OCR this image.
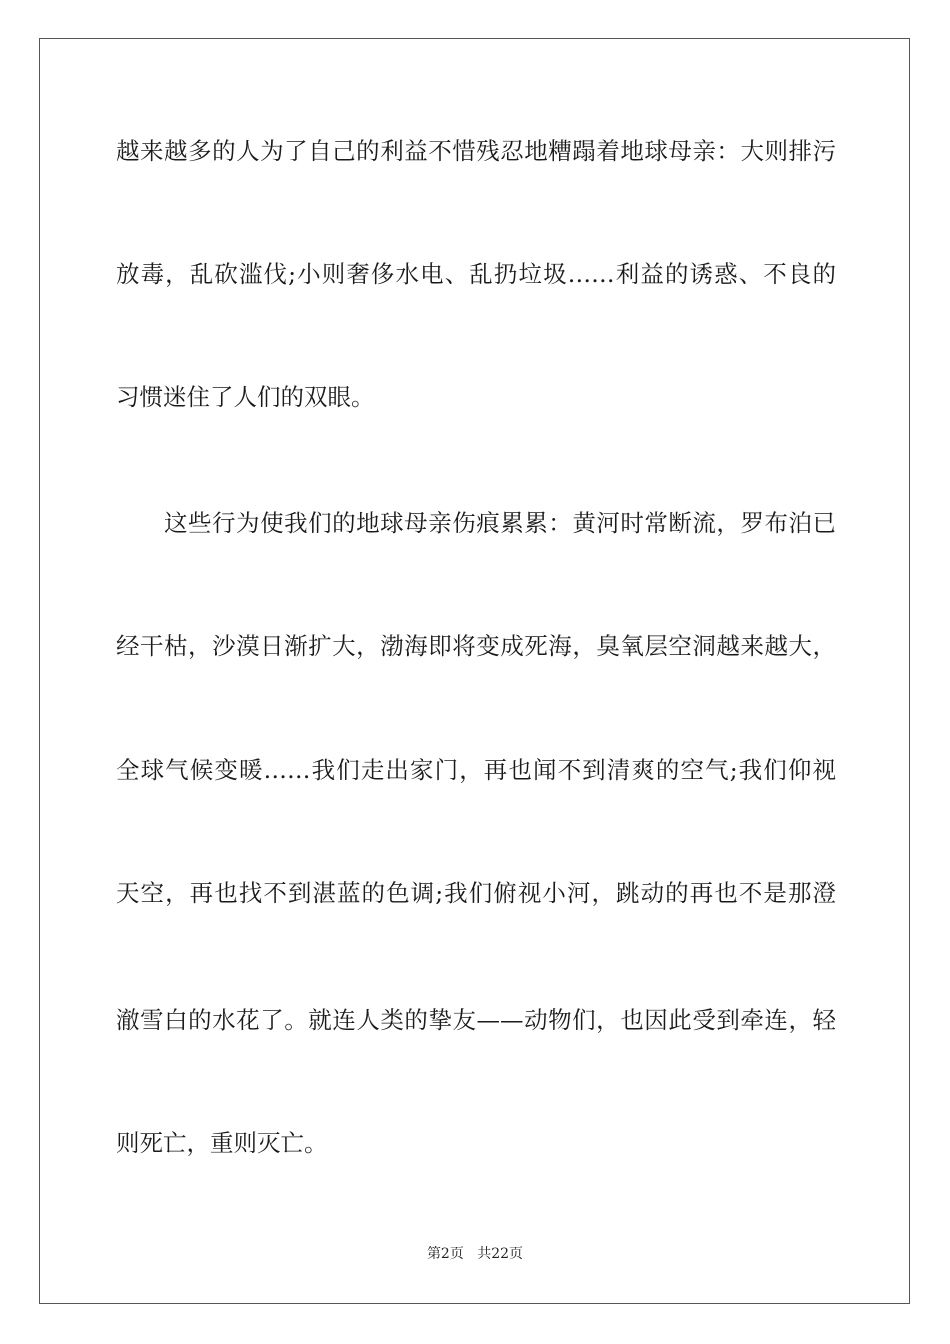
越来越多的人为了自己的利益不惜残忍地糟蹋着地球母亲：大则排污
放毒，乱砍滥伐;小则奢侈水电、乱扔垃圾……利益的诱惑、不良的
习惯迷住了人们的双眼。
这些行为使我们的地球母亲伤痕累累：黄河时常断流，罗布泊已
经干枯，沙漠日渐扩大，渤海即将变成死海，臭氧层空洞越来越大，
全球气候变暖……我们走出家门，再也闻不到清爽的空气;我们仰视
天空，再也找不到湛蓝的色调;我们俯视小河，跳动的再也不是那澄
澈雪白的水花了。就连人类的挚友——动物们，也因此受到牵连，轻
则死亡，重则灭亡。
第2页 共22页
